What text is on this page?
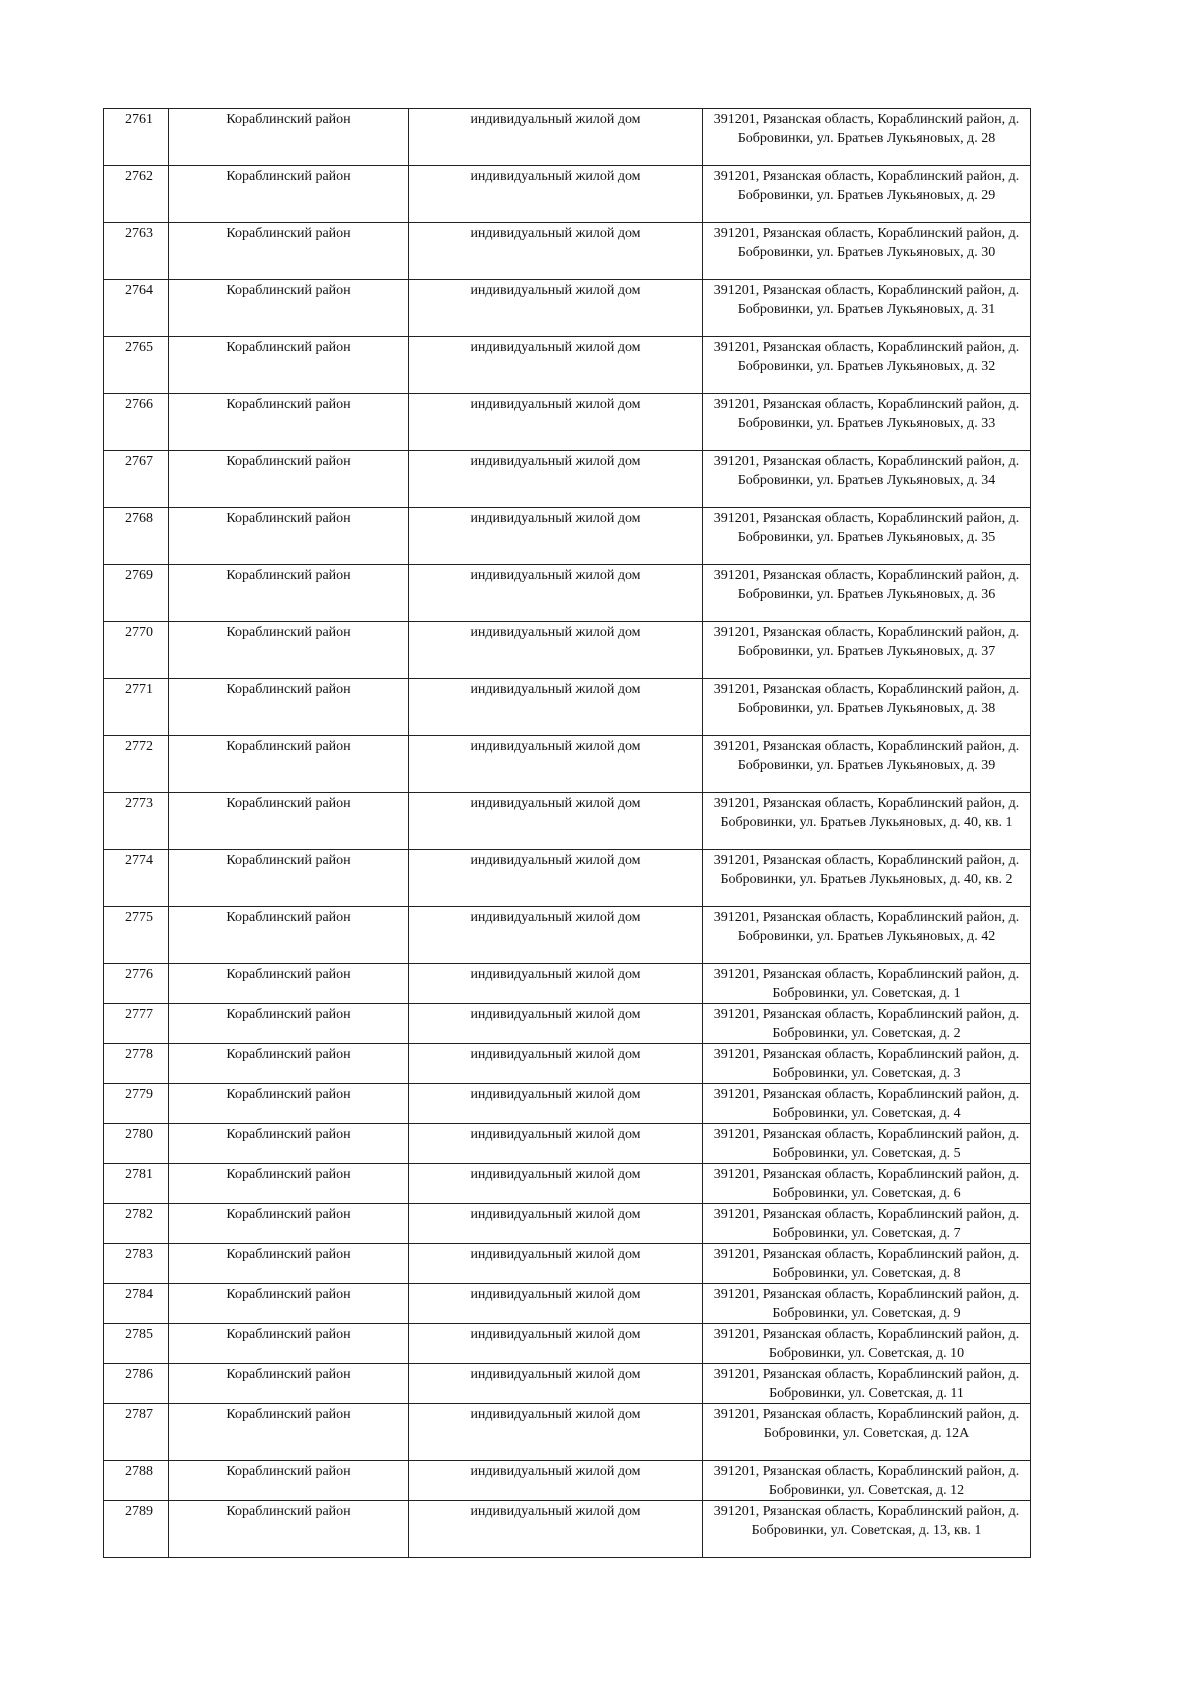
2761	Кораблинский район	индивидуальный жилой дом	391201, Рязанская область, Кораблинский район, д. Бобровинки, ул. Братьев Лукьяновых, д. 28
2762	Кораблинский район	индивидуальный жилой дом	391201, Рязанская область, Кораблинский район, д. Бобровинки, ул. Братьев Лукьяновых, д. 29
2763	Кораблинский район	индивидуальный жилой дом	391201, Рязанская область, Кораблинский район, д. Бобровинки, ул. Братьев Лукьяновых, д. 30
2764	Кораблинский район	индивидуальный жилой дом	391201, Рязанская область, Кораблинский район, д. Бобровинки, ул. Братьев Лукьяновых, д. 31
2765	Кораблинский район	индивидуальный жилой дом	391201, Рязанская область, Кораблинский район, д. Бобровинки, ул. Братьев Лукьяновых, д. 32
2766	Кораблинский район	индивидуальный жилой дом	391201, Рязанская область, Кораблинский район, д. Бобровинки, ул. Братьев Лукьяновых, д. 33
2767	Кораблинский район	индивидуальный жилой дом	391201, Рязанская область, Кораблинский район, д. Бобровинки, ул. Братьев Лукьяновых, д. 34
2768	Кораблинский район	индивидуальный жилой дом	391201, Рязанская область, Кораблинский район, д. Бобровинки, ул. Братьев Лукьяновых, д. 35
2769	Кораблинский район	индивидуальный жилой дом	391201, Рязанская область, Кораблинский район, д. Бобровинки, ул. Братьев Лукьяновых, д. 36
2770	Кораблинский район	индивидуальный жилой дом	391201, Рязанская область, Кораблинский район, д. Бобровинки, ул. Братьев Лукьяновых, д. 37
2771	Кораблинский район	индивидуальный жилой дом	391201, Рязанская область, Кораблинский район, д. Бобровинки, ул. Братьев Лукьяновых, д. 38
2772	Кораблинский район	индивидуальный жилой дом	391201, Рязанская область, Кораблинский район, д. Бобровинки, ул. Братьев Лукьяновых, д. 39
2773	Кораблинский район	индивидуальный жилой дом	391201, Рязанская область, Кораблинский район, д. Бобровинки, ул. Братьев Лукьяновых, д. 40, кв. 1
2774	Кораблинский район	индивидуальный жилой дом	391201, Рязанская область, Кораблинский район, д. Бобровинки, ул. Братьев Лукьяновых, д. 40, кв. 2
2775	Кораблинский район	индивидуальный жилой дом	391201, Рязанская область, Кораблинский район, д. Бобровинки, ул. Братьев Лукьяновых, д. 42
2776	Кораблинский район	индивидуальный жилой дом	391201, Рязанская область, Кораблинский район, д. Бобровинки, ул. Советская, д. 1
2777	Кораблинский район	индивидуальный жилой дом	391201, Рязанская область, Кораблинский район, д. Бобровинки, ул. Советская, д. 2
2778	Кораблинский район	индивидуальный жилой дом	391201, Рязанская область, Кораблинский район, д. Бобровинки, ул. Советская, д. 3
2779	Кораблинский район	индивидуальный жилой дом	391201, Рязанская область, Кораблинский район, д. Бобровинки, ул. Советская, д. 4
2780	Кораблинский район	индивидуальный жилой дом	391201, Рязанская область, Кораблинский район, д. Бобровинки, ул. Советская, д. 5
2781	Кораблинский район	индивидуальный жилой дом	391201, Рязанская область, Кораблинский район, д. Бобровинки, ул. Советская, д. 6
2782	Кораблинский район	индивидуальный жилой дом	391201, Рязанская область, Кораблинский район, д. Бобровинки, ул. Советская, д. 7
2783	Кораблинский район	индивидуальный жилой дом	391201, Рязанская область, Кораблинский район, д. Бобровинки, ул. Советская, д. 8
2784	Кораблинский район	индивидуальный жилой дом	391201, Рязанская область, Кораблинский район, д. Бобровинки, ул. Советская, д. 9
2785	Кораблинский район	индивидуальный жилой дом	391201, Рязанская область, Кораблинский район, д. Бобровинки, ул. Советская, д. 10
2786	Кораблинский район	индивидуальный жилой дом	391201, Рязанская область, Кораблинский район, д. Бобровинки, ул. Советская, д. 11
2787	Кораблинский район	индивидуальный жилой дом	391201, Рязанская область, Кораблинский район, д. Бобровинки, ул. Советская, д. 12А
2788	Кораблинский район	индивидуальный жилой дом	391201, Рязанская область, Кораблинский район, д. Бобровинки, ул. Советская, д. 12
2789	Кораблинский район	индивидуальный жилой дом	391201, Рязанская область, Кораблинский район, д. Бобровинки, ул. Советская, д. 13, кв. 1
